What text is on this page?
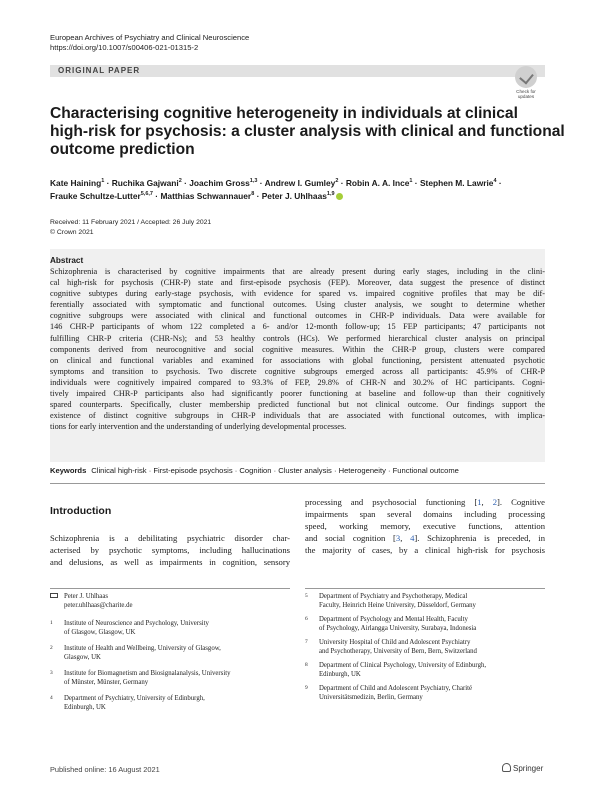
European Archives of Psychiatry and Clinical Neuroscience
https://doi.org/10.1007/s00406-021-01315-2
ORIGINAL PAPER
Check for
updates
Characterising cognitive heterogeneity in individuals at clinical
high-risk for psychosis: a cluster analysis with clinical and functional
outcome prediction
Kate Haining$^1$ · Ruchika Gajwani$^2$ · Joachim Gross$^{1,3}$ · Andrew I. Gumley$^2$ · Robin A. A. Ince$^1$ · Stephen M. Lawrie$^4$ ·
Frauke Schultze-Lutter$^{5,6,7}$ · Matthias Schwannauer$^8$ · Peter J. Uhlhaas$^{1,9}$
Received: 11 February 2021 / Accepted: 26 July 2021
© Crown 2021
Abstract
Schizophrenia is characterised by cognitive impairments that are already present during early stages, including in the clini-
cal high-risk for psychosis (CHR-P) state and first-episode psychosis (FEP). Moreover, data suggest the presence of distinct
cognitive subtypes during early-stage psychosis, with evidence for spared vs. impaired cognitive profiles that may be dif-
ferentially associated with symptomatic and functional outcomes. Using cluster analysis, we sought to determine whether
cognitive subgroups were associated with clinical and functional outcomes in CHR-P individuals. Data were available for
146 CHR-P participants of whom 122 completed a 6- and/or 12-month follow-up; 15 FEP participants; 47 participants not
fulfilling CHR-P criteria (CHR-Ns); and 53 healthy controls (HCs). We performed hierarchical cluster analysis on principal
components derived from neurocognitive and social cognitive measures. Within the CHR-P group, clusters were compared
on clinical and functional variables and examined for associations with global functioning, persistent attenuated psychotic
symptoms and transition to psychosis. Two discrete cognitive subgroups emerged across all participants: 45.9% of CHR-P
individuals were cognitively impaired compared to 93.3% of FEP, 29.8% of CHR-N and 30.2% of HC participants. Cogni-
tively impaired CHR-P participants also had significantly poorer functioning at baseline and follow-up than their cognitively
spared counterparts. Specifically, cluster membership predicted functional but not clinical outcome. Our findings support the
existence of distinct cognitive subgroups in CHR-P individuals that are associated with functional outcomes, with implica-
tions for early intervention and the understanding of underlying developmental processes.
Keywords Clinical high-risk · First-episode psychosis · Cognition · Cluster analysis · Heterogeneity · Functional outcome
Introduction
Schizophrenia is a debilitating psychiatric disorder char-
acterised by psychotic symptoms, including hallucinations
and delusions, as well as impairments in cognition, sensory
processing and psychosocial functioning [1, 2]. Cognitive
impairments span several domains including processing
speed, working memory, executive functions, attention
and social cognition [3, 4]. Schizophrenia is preceded, in
the majority of cases, by a clinical high-risk for psychosis
Peter J. Uhlhaas
peter.uhlhaas@charite.de
1 Institute of Neuroscience and Psychology, University
of Glasgow, Glasgow, UK
2 Institute of Health and Wellbeing, University of Glasgow,
Glasgow, UK
3 Institute for Biomagnetism and Biosignalanalysis, University
of Münster, Münster, Germany
4 Department of Psychiatry, University of Edinburgh,
Edinburgh, UK
5 Department of Psychiatry and Psychotherapy, Medical
Faculty, Heinrich Heine University, Düsseldorf, Germany
6 Department of Psychology and Mental Health, Faculty
of Psychology, Airlangga University, Surabaya, Indonesia
7 University Hospital of Child and Adolescent Psychiatry
and Psychotherapy, University of Bern, Bern, Switzerland
8 Department of Clinical Psychology, University of Edinburgh,
Edinburgh, UK
9 Department of Child and Adolescent Psychiatry, Charité
Universitätsmedizin, Berlin, Germany
Published online: 16 August 2021	Springer
